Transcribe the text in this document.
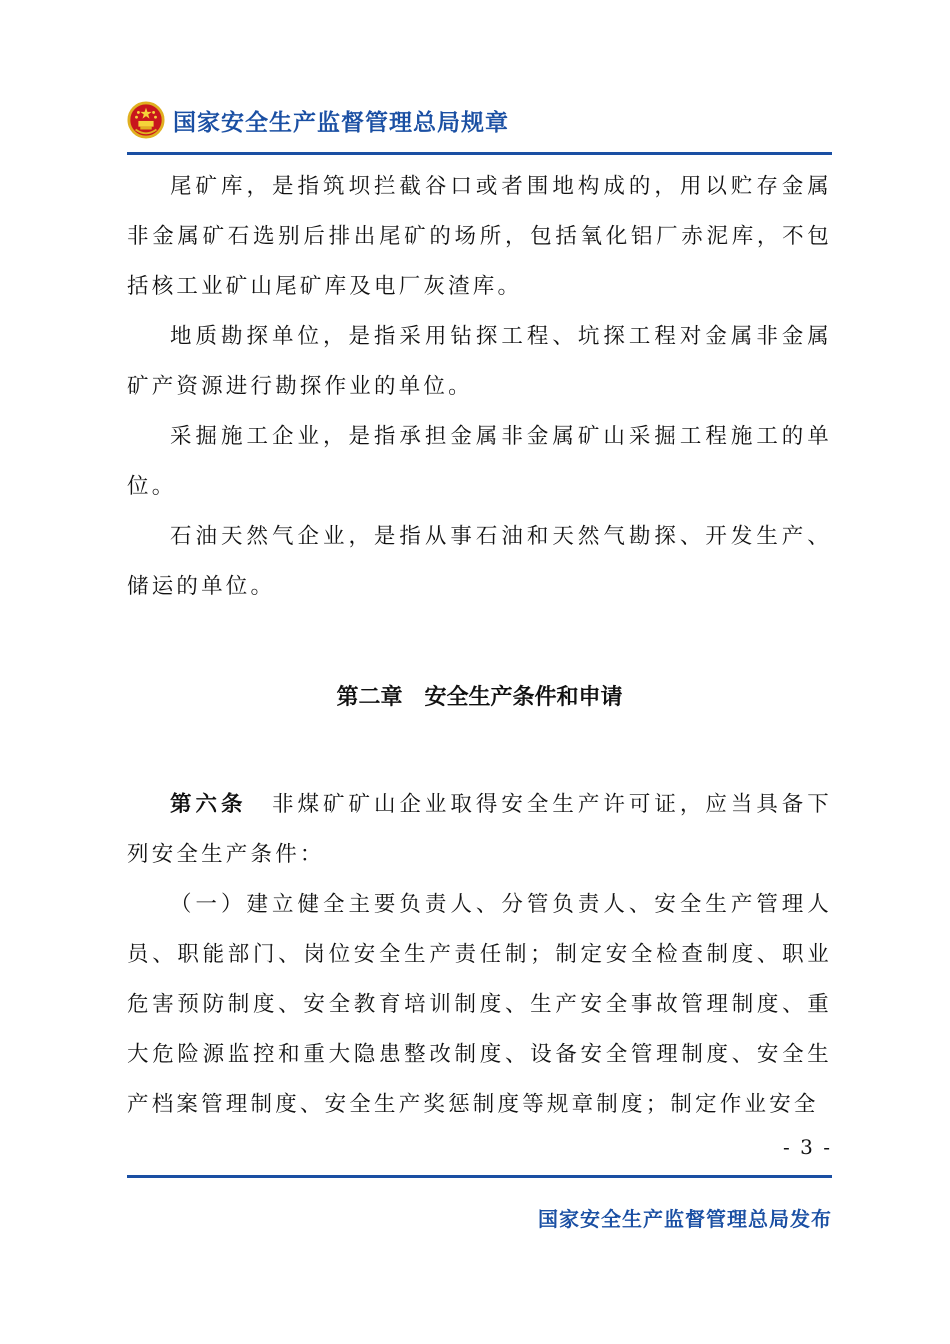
国家安全生产监督管理总局规章

尾矿库，是指筑坝拦截谷口或者围地构成的，用以贮存金属非金属矿石选别后排出尾矿的场所，包括氧化铝厂赤泥库，不包括核工业矿山尾矿库及电厂灰渣库。

地质勘探单位，是指采用钻探工程、坑探工程对金属非金属矿产资源进行勘探作业的单位。

采掘施工企业，是指承担金属非金属矿山采掘工程施工的单位。

石油天然气企业，是指从事石油和天然气勘探、开发生产、储运的单位。

第二章　安全生产条件和申请

第六条　 非煤矿矿山企业取得安全生产许可证，应当具备下列安全生产条件：

（一）建立健全主要负责人、分管负责人、安全生产管理人员、职能部门、岗位安全生产责任制；制定安全检查制度、职业危害预防制度、安全教育培训制度、生产安全事故管理制度、重大危险源监控和重大隐患整改制度、设备安全管理制度、安全生产档案管理制度、安全生产奖惩制度等规章制度；制定作业安全

- 3 -
国家安全生产监督管理总局发布
